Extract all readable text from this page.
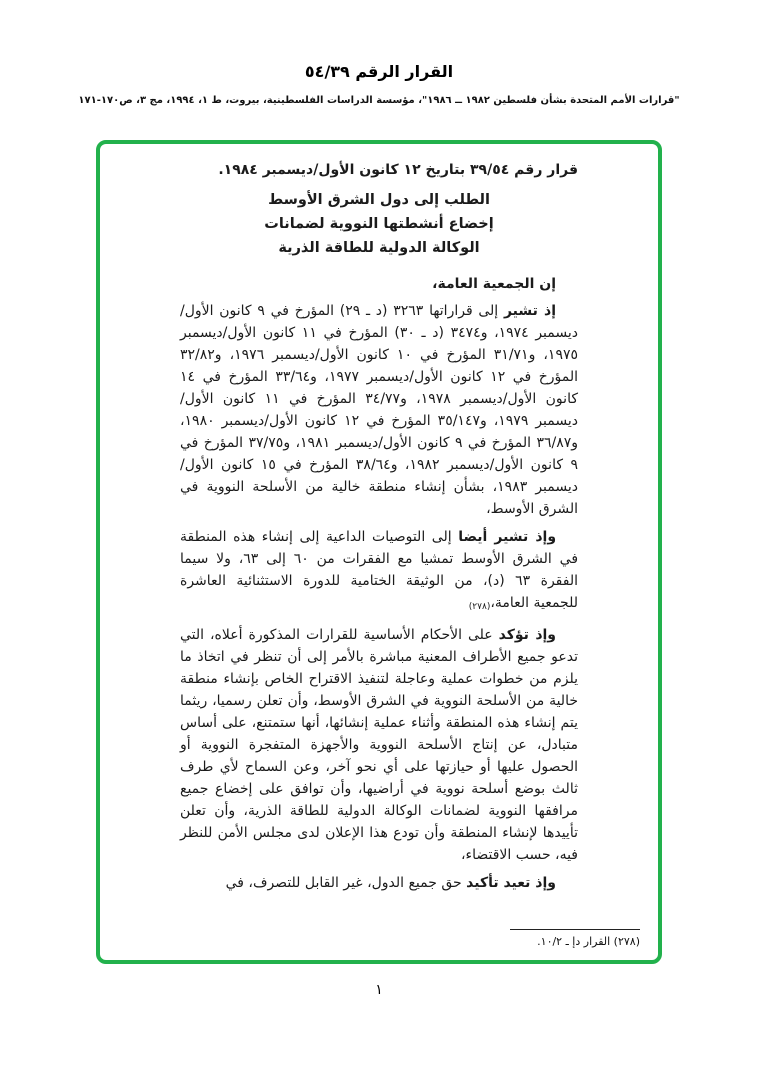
القرار الرقم ٥٤/٣٩
"قرارات الأمم المتحدة بشأن فلسطين ١٩٨٢ ــ ١٩٨٦"، مؤسسة الدراسات الفلسطينية، بيروت، ط ١، ١٩٩٤، مج ٣، ص١٧٠-١٧١

قرار رقم ٣٩/٥٤ بتاريخ ١٢ كانون الأول/ديسمبر ١٩٨٤.

الطلب إلى دول الشرق الأوسط
إخضاع أنشطتها النووية لضمانات
الوكالة الدولية للطاقة الذرية

إن الجمعية العامة،

إذ تشير إلى قراراتها ٣٢٦٣ (د ـ ٢٩) المؤرخ في ٩ كانون الأول/ديسمبر ١٩٧٤، و٣٤٧٤ (د ـ ٣٠) المؤرخ في ١١ كانون الأول/ديسمبر ١٩٧٥، و٣١/٧١ المؤرخ في ١٠ كانون الأول/ديسمبر ١٩٧٦، و٣٢/٨٢ المؤرخ في ١٢ كانون الأول/ديسمبر ١٩٧٧، و٣٣/٦٤ المؤرخ في ١٤ كانون الأول/ديسمبر ١٩٧٨، و٣٤/٧٧ المؤرخ في ١١ كانون الأول/ديسمبر ١٩٧٩، و٣٥/١٤٧ المؤرخ في ١٢ كانون الأول/ديسمبر ١٩٨٠، و٣٦/٨٧ المؤرخ في ٩ كانون الأول/ديسمبر ١٩٨١، و٣٧/٧٥ المؤرخ في ٩ كانون الأول/ديسمبر ١٩٨٢، و٣٨/٦٤ المؤرخ في ١٥ كانون الأول/ديسمبر ١٩٨٣، بشأن إنشاء منطقة خالية من الأسلحة النووية في الشرق الأوسط،

وإذ تشير أيضا إلى التوصيات الداعية إلى إنشاء هذه المنطقة في الشرق الأوسط تمشيا مع الفقرات من ٦٠ إلى ٦٣، ولا سيما الفقرة ٦٣ (د)، من الوثيقة الختامية للدورة الاستثنائية العاشرة للجمعية العامة،$^{(٢٧٨)}$

وإذ تؤكد على الأحكام الأساسية للقرارات المذكورة أعلاه، التي تدعو جميع الأطراف المعنية مباشرة بالأمر إلى أن تنظر في اتخاذ ما يلزم من خطوات عملية وعاجلة لتنفيذ الاقتراح الخاص بإنشاء منطقة خالية من الأسلحة النووية في الشرق الأوسط، وأن تعلن رسميا، ريثما يتم إنشاء هذه المنطقة وأثناء عملية إنشائها، أنها ستمتنع، على أساس متبادل، عن إنتاج الأسلحة النووية والأجهزة المتفجرة النووية أو الحصول عليها أو حيازتها على أي نحو آخر، وعن السماح لأي طرف ثالث بوضع أسلحة نووية في أراضيها، وأن توافق على إخضاع جميع مرافقها النووية لضمانات الوكالة الدولية للطاقة الذرية، وأن تعلن تأييدها لإنشاء المنطقة وأن تودع هذا الإعلان لدى مجلس الأمن للنظر فيه، حسب الاقتضاء،

وإذ تعيد تأكيد حق جميع الدول، غير القابل للتصرف، في

(٢٧٨) القرار دإ ـ ١٠/٢.
١
